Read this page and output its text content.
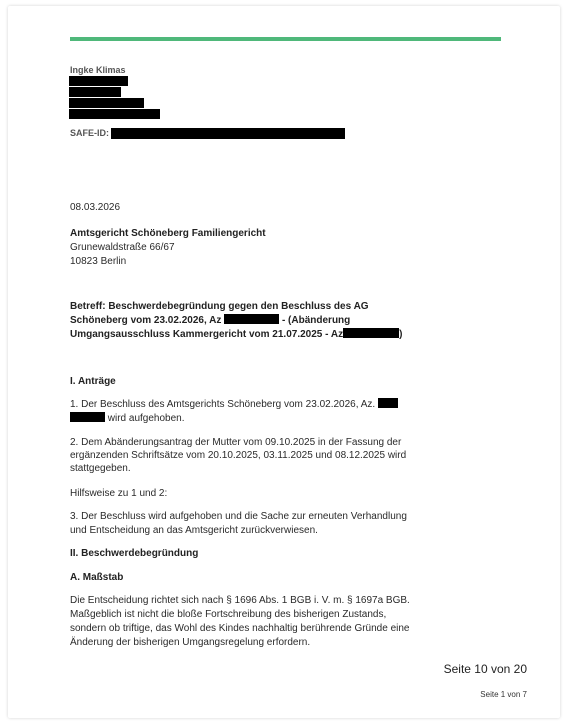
Ingke Klimas
SAFE-ID:
08.03.2026
Amtsgericht Schöneberg Familiengericht
Grunewaldstraße 66/67
10823 Berlin
Betreff: Beschwerdebegründung gegen den Beschluss des AG
Schöneberg vom 23.02.2026, Az	- (Abänderung
Umgangsausschluss Kammergericht vom 21.07.2025 - Az	)
I. Anträge
1. Der Beschluss des Amtsgerichts Schöneberg vom 23.02.2026, Az.
wird aufgehoben.
2. Dem Abänderungsantrag der Mutter vom 09.10.2025 in der Fassung der
ergänzenden Schriftsätze vom 20.10.2025, 03.11.2025 und 08.12.2025 wird
stattgegeben.
Hilfsweise zu 1 und 2:
3. Der Beschluss wird aufgehoben und die Sache zur erneuten Verhandlung
und Entscheidung an das Amtsgericht zurückverwiesen.
II. Beschwerdebegründung
A. Maßstab
Die Entscheidung richtet sich nach § 1696 Abs. 1 BGB i. V. m. § 1697a BGB.
Maßgeblich ist nicht die bloße Fortschreibung des bisherigen Zustands,
sondern ob triftige, das Wohl des Kindes nachhaltig berührende Gründe eine
Änderung der bisherigen Umgangsregelung erfordern.
Seite 10 von 20
Seite 1 von 7
